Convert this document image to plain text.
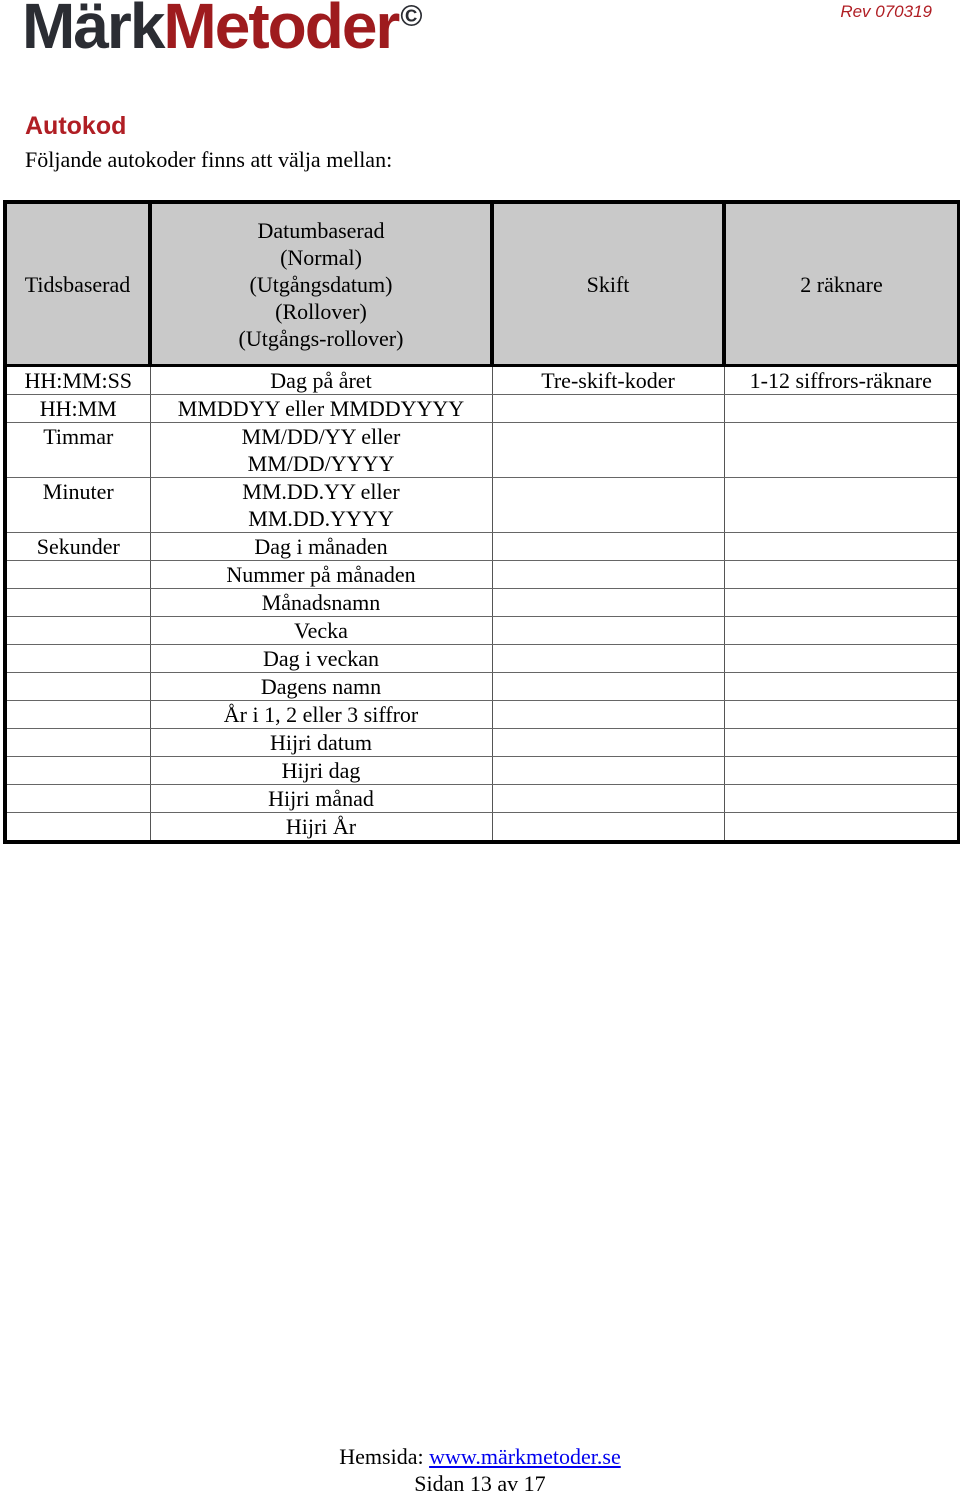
MärkMetoder©	Rev 070319
Autokod
Följande autokoder finns att välja mellan:
Tidsbaserad	Datumbaserad
(Normal)
(Utgångsdatum)
(Rollover)
(Utgångs-rollover)	Skift	2 räknare

HH:MM:SS	Dag på året	Tre-skift-koder	1-12 siffrors-räknare
HH:MM	MMDDYY eller MMDDYYYY		
Timmar	MM/DD/YY eller
MM/DD/YYYY		
Minuter	MM.DD.YY eller
MM.DD.YYYY		
Sekunder	Dag i månaden		
	Nummer på månaden		
	Månadsnamn		
	Vecka		
	Dag i veckan		
	Dagens namn		
	År i 1, 2 eller 3 siffror		
	Hijri datum		
	Hijri dag		
	Hijri månad		
	Hijri År		
Hemsida: www.märkmetoder.se
Sidan 13 av 17
